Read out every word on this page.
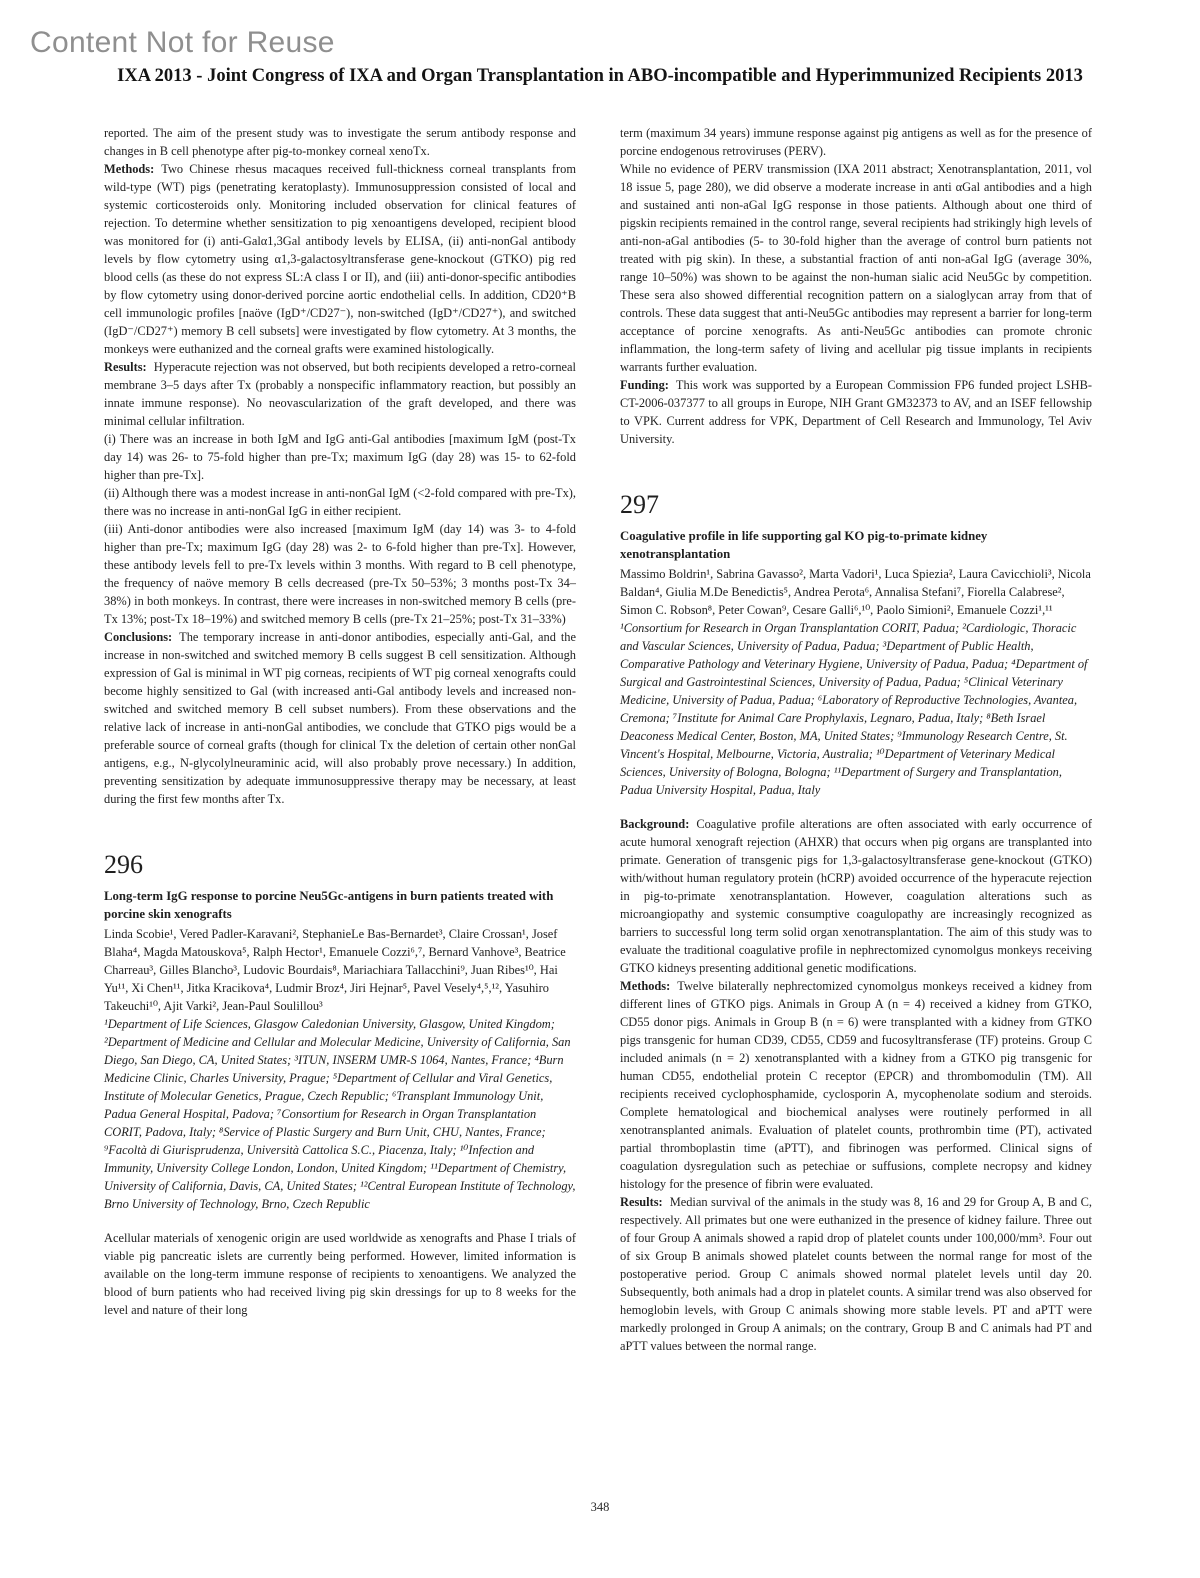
Content Not for Reuse
IXA 2013 - Joint Congress of IXA and Organ Transplantation in ABO-incompatible and Hyperimmunized Recipients 2013

reported. The aim of the present study was to investigate the serum antibody response and changes in B cell phenotype after pig-to-monkey corneal xenoTx.

Methods: Two Chinese rhesus macaques received full-thickness corneal transplants from wild-type (WT) pigs (penetrating keratoplasty). Immunosuppression consisted of local and systemic corticosteroids only. Monitoring included observation for clinical features of rejection. To determine whether sensitization to pig xenoantigens developed, recipient blood was monitored for (i) anti-Galα1,3Gal antibody levels by ELISA, (ii) anti-nonGal antibody levels by flow cytometry using α1,3-galactosyltransferase gene-knockout (GTKO) pig red blood cells (as these do not express SL:A class I or II), and (iii) anti-donor-specific antibodies by flow cytometry using donor-derived porcine aortic endothelial cells. In addition, CD20⁺B cell immunologic profiles [naöve (IgD⁺/CD27⁻), non-switched (IgD⁺/CD27⁺), and switched (IgD⁻/CD27⁺) memory B cell subsets] were investigated by flow cytometry. At 3 months, the monkeys were euthanized and the corneal grafts were examined histologically.

Results: Hyperacute rejection was not observed, but both recipients developed a retro-corneal membrane 3–5 days after Tx (probably a nonspecific inflammatory reaction, but possibly an innate immune response). No neovascularization of the graft developed, and there was minimal cellular infiltration.

(i) There was an increase in both IgM and IgG anti-Gal antibodies [maximum IgM (post-Tx day 14) was 26- to 75-fold higher than pre-Tx; maximum IgG (day 28) was 15- to 62-fold higher than pre-Tx].

(ii) Although there was a modest increase in anti-nonGal IgM (<2-fold compared with pre-Tx), there was no increase in anti-nonGal IgG in either recipient.

(iii) Anti-donor antibodies were also increased [maximum IgM (day 14) was 3- to 4-fold higher than pre-Tx; maximum IgG (day 28) was 2- to 6-fold higher than pre-Tx]. However, these antibody levels fell to pre-Tx levels within 3 months. With regard to B cell phenotype, the frequency of naöve memory B cells decreased (pre-Tx 50–53%; 3 months post-Tx 34–38%) in both monkeys. In contrast, there were increases in non-switched memory B cells (pre-Tx 13%; post-Tx 18–19%) and switched memory B cells (pre-Tx 21–25%; post-Tx 31–33%)

Conclusions: The temporary increase in anti-donor antibodies, especially anti-Gal, and the increase in non-switched and switched memory B cells suggest B cell sensitization. Although expression of Gal is minimal in WT pig corneas, recipients of WT pig corneal xenografts could become highly sensitized to Gal (with increased anti-Gal antibody levels and increased non-switched and switched memory B cell subset numbers). From these observations and the relative lack of increase in anti-nonGal antibodies, we conclude that GTKO pigs would be a preferable source of corneal grafts (though for clinical Tx the deletion of certain other nonGal antigens, e.g., N-glycolylneuraminic acid, will also probably prove necessary.) In addition, preventing sensitization by adequate immunosuppressive therapy may be necessary, at least during the first few months after Tx.

296
Long-term IgG response to porcine Neu5Gc-antigens in burn patients treated with porcine skin xenografts

Linda Scobie¹, Vered Padler-Karavani², StephanieLe Bas-Bernardet³, Claire Crossan¹, Josef Blaha⁴, Magda Matouskova⁵, Ralph Hector¹, Emanuele Cozzi⁶,⁷, Bernard Vanhove³, Beatrice Charreau³, Gilles Blancho³, Ludovic Bourdais⁸, Mariachiara Tallacchini⁹, Juan Ribes¹⁰, Hai Yu¹¹, Xi Chen¹¹, Jitka Kracikova⁴, Ludmir Broz⁴, Jiri Hejnar⁵, Pavel Vesely⁴,⁵,¹², Yasuhiro Takeuchi¹⁰, Ajit Varki², Jean-Paul Soulillou³

¹Department of Life Sciences, Glasgow Caledonian University, Glasgow, United Kingdom; ²Department of Medicine and Cellular and Molecular Medicine, University of California, San Diego, San Diego, CA, United States; ³ITUN, INSERM UMR-S 1064, Nantes, France; ⁴Burn Medicine Clinic, Charles University, Prague; ⁵Department of Cellular and Viral Genetics, Institute of Molecular Genetics, Prague, Czech Republic; ⁶Transplant Immunology Unit, Padua General Hospital, Padova; ⁷Consortium for Research in Organ Transplantation CORIT, Padova, Italy; ⁸Service of Plastic Surgery and Burn Unit, CHU, Nantes, France; ⁹Facoltà di Giurisprudenza, Università Cattolica S.C., Piacenza, Italy; ¹⁰Infection and Immunity, University College London, London, United Kingdom; ¹¹Department of Chemistry, University of California, Davis, CA, United States; ¹²Central European Institute of Technology, Brno University of Technology, Brno, Czech Republic

Acellular materials of xenogenic origin are used worldwide as xenografts and Phase I trials of viable pig pancreatic islets are currently being performed. However, limited information is available on the long-term immune response of recipients to xenoantigens. We analyzed the blood of burn patients who had received living pig skin dressings for up to 8 weeks for the level and nature of their long

term (maximum 34 years) immune response against pig antigens as well as for the presence of porcine endogenous retroviruses (PERV).

While no evidence of PERV transmission (IXA 2011 abstract; Xenotransplantation, 2011, vol 18 issue 5, page 280), we did observe a moderate increase in anti αGal antibodies and a high and sustained anti non-aGal IgG response in those patients. Although about one third of pigskin recipients remained in the control range, several recipients had strikingly high levels of anti-non-aGal antibodies (5- to 30-fold higher than the average of control burn patients not treated with pig skin). In these, a substantial fraction of anti non-aGal IgG (average 30%, range 10–50%) was shown to be against the non-human sialic acid Neu5Gc by competition. These sera also showed differential recognition pattern on a sialoglycan array from that of controls. These data suggest that anti-Neu5Gc antibodies may represent a barrier for long-term acceptance of porcine xenografts. As anti-Neu5Gc antibodies can promote chronic inflammation, the long-term safety of living and acellular pig tissue implants in recipients warrants further evaluation.

Funding: This work was supported by a European Commission FP6 funded project LSHB-CT-2006-037377 to all groups in Europe, NIH Grant GM32373 to AV, and an ISEF fellowship to VPK. Current address for VPK, Department of Cell Research and Immunology, Tel Aviv University.

297
Coagulative profile in life supporting gal KO pig-to-primate kidney xenotransplantation

Massimo Boldrin¹, Sabrina Gavasso², Marta Vadori¹, Luca Spiezia², Laura Cavicchioli³, Nicola Baldan⁴, Giulia M.De Benedictis⁵, Andrea Perota⁶, Annalisa Stefani⁷, Fiorella Calabrese², Simon C. Robson⁸, Peter Cowan⁹, Cesare Galli⁶,¹⁰, Paolo Simioni², Emanuele Cozzi¹,¹¹

¹Consortium for Research in Organ Transplantation CORIT, Padua; ²Cardiologic, Thoracic and Vascular Sciences, University of Padua, Padua; ³Department of Public Health, Comparative Pathology and Veterinary Hygiene, University of Padua, Padua; ⁴Department of Surgical and Gastrointestinal Sciences, University of Padua, Padua; ⁵Clinical Veterinary Medicine, University of Padua, Padua; ⁶Laboratory of Reproductive Technologies, Avantea, Cremona; ⁷Institute for Animal Care Prophylaxis, Legnaro, Padua, Italy; ⁸Beth Israel Deaconess Medical Center, Boston, MA, United States; ⁹Immunology Research Centre, St. Vincent's Hospital, Melbourne, Victoria, Australia; ¹⁰Department of Veterinary Medical Sciences, University of Bologna, Bologna; ¹¹Department of Surgery and Transplantation, Padua University Hospital, Padua, Italy

Background: Coagulative profile alterations are often associated with early occurrence of acute humoral xenograft rejection (AHXR) that occurs when pig organs are transplanted into primate. Generation of transgenic pigs for 1,3-galactosyltransferase gene-knockout (GTKO) with/without human regulatory protein (hCRP) avoided occurrence of the hyperacute rejection in pig-to-primate xenotransplantation. However, coagulation alterations such as microangiopathy and systemic consumptive coagulopathy are increasingly recognized as barriers to successful long term solid organ xenotransplantation. The aim of this study was to evaluate the traditional coagulative profile in nephrectomized cynomolgus monkeys receiving GTKO kidneys presenting additional genetic modifications.

Methods: Twelve bilaterally nephrectomized cynomolgus monkeys received a kidney from different lines of GTKO pigs. Animals in Group A (n = 4) received a kidney from GTKO, CD55 donor pigs. Animals in Group B (n = 6) were transplanted with a kidney from GTKO pigs transgenic for human CD39, CD55, CD59 and fucosyltransferase (TF) proteins. Group C included animals (n = 2) xenotransplanted with a kidney from a GTKO pig transgenic for human CD55, endothelial protein C receptor (EPCR) and thrombomodulin (TM). All recipients received cyclophosphamide, cyclosporin A, mycophenolate sodium and steroids. Complete hematological and biochemical analyses were routinely performed in all xenotransplanted animals. Evaluation of platelet counts, prothrombin time (PT), activated partial thromboplastin time (aPTT), and fibrinogen was performed. Clinical signs of coagulation dysregulation such as petechiae or suffusions, complete necropsy and kidney histology for the presence of fibrin were evaluated.

Results: Median survival of the animals in the study was 8, 16 and 29 for Group A, B and C, respectively. All primates but one were euthanized in the presence of kidney failure. Three out of four Group A animals showed a rapid drop of platelet counts under 100,000/mm³. Four out of six Group B animals showed platelet counts between the normal range for most of the postoperative period. Group C animals showed normal platelet levels until day 20. Subsequently, both animals had a drop in platelet counts. A similar trend was also observed for hemoglobin levels, with Group C animals showing more stable levels. PT and aPTT were markedly prolonged in Group A animals; on the contrary, Group B and C animals had PT and aPTT values between the normal range.

348
